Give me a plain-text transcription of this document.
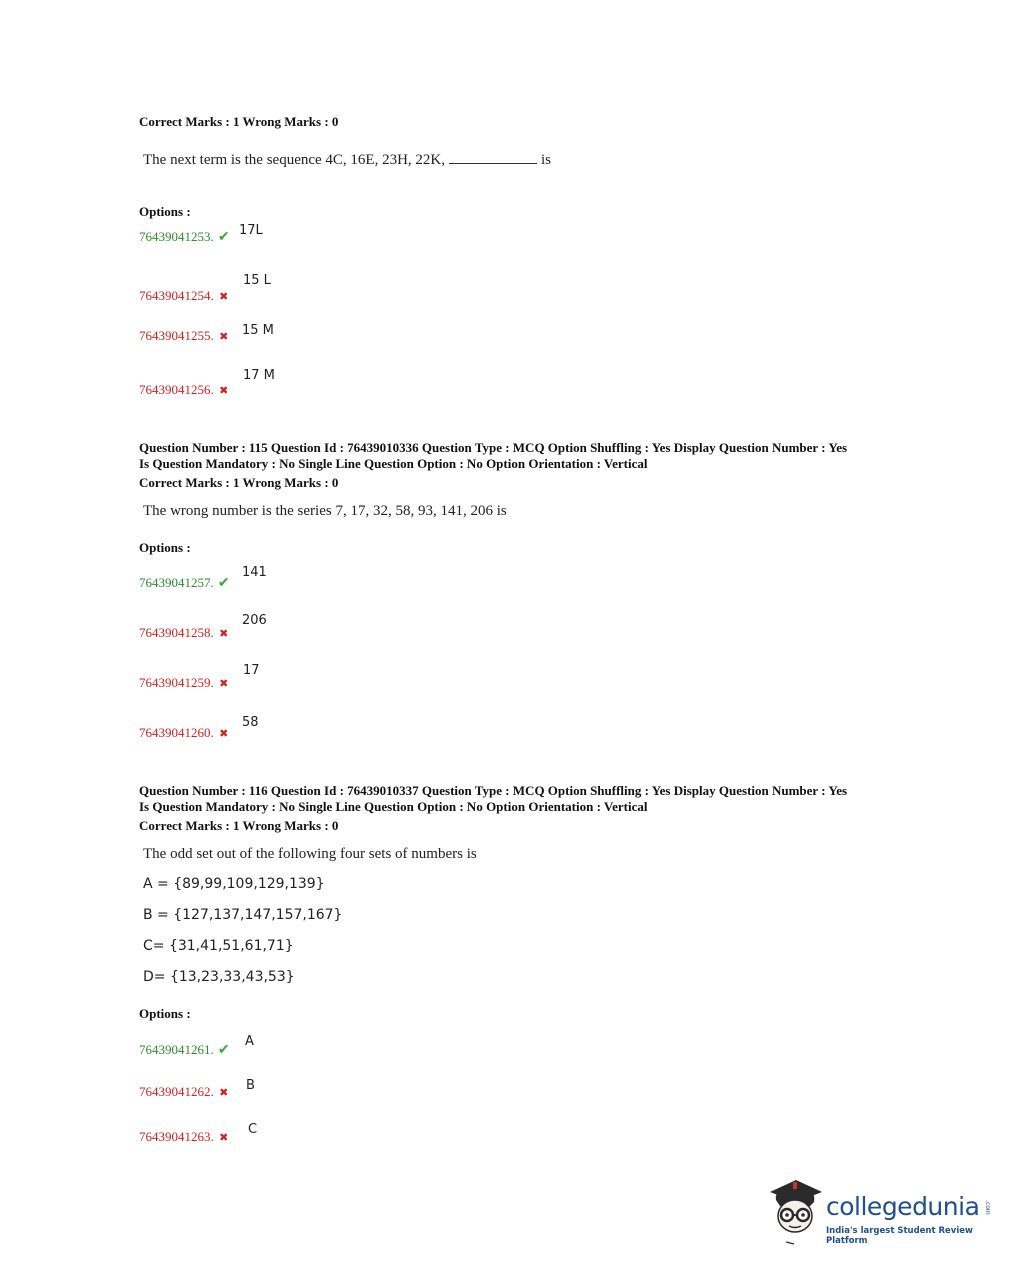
Correct Marks : 1 Wrong Marks : 0
The next term is the sequence 4C, 16E, 23H, 22K,	is
Options :
76439041253. ✔ 17L
76439041254. ✖
15 L
76439041255. ✖ 15 M
76439041256. ✖
17 M
Question Number : 115 Question Id : 76439010336 Question Type : MCQ Option Shuffling : Yes Display Question Number : Yes
Is Question Mandatory : No Single Line Question Option : No Option Orientation : Vertical
Correct Marks : 1 Wrong Marks : 0
The wrong number is the series 7, 17, 32, 58, 93, 141, 206 is
Options :
76439041257. ✔
141
76439041258. ✖
206
76439041259. ✖
17
76439041260. ✖
58
Question Number : 116 Question Id : 76439010337 Question Type : MCQ Option Shuffling : Yes Display Question Number : Yes
Is Question Mandatory : No Single Line Question Option : No Option Orientation : Vertical
Correct Marks : 1 Wrong Marks : 0
The odd set out of the following four sets of numbers is
A = {89,99,109,129,139}
B = {127,137,147,157,167}
C= {31,41,51,61,71}
D= {13,23,33,43,53}
Options :
76439041261. ✔
A
76439041262. ✖ B
76439041263. ✖
C
collegedunia .com
India's largest Student Review Platform
